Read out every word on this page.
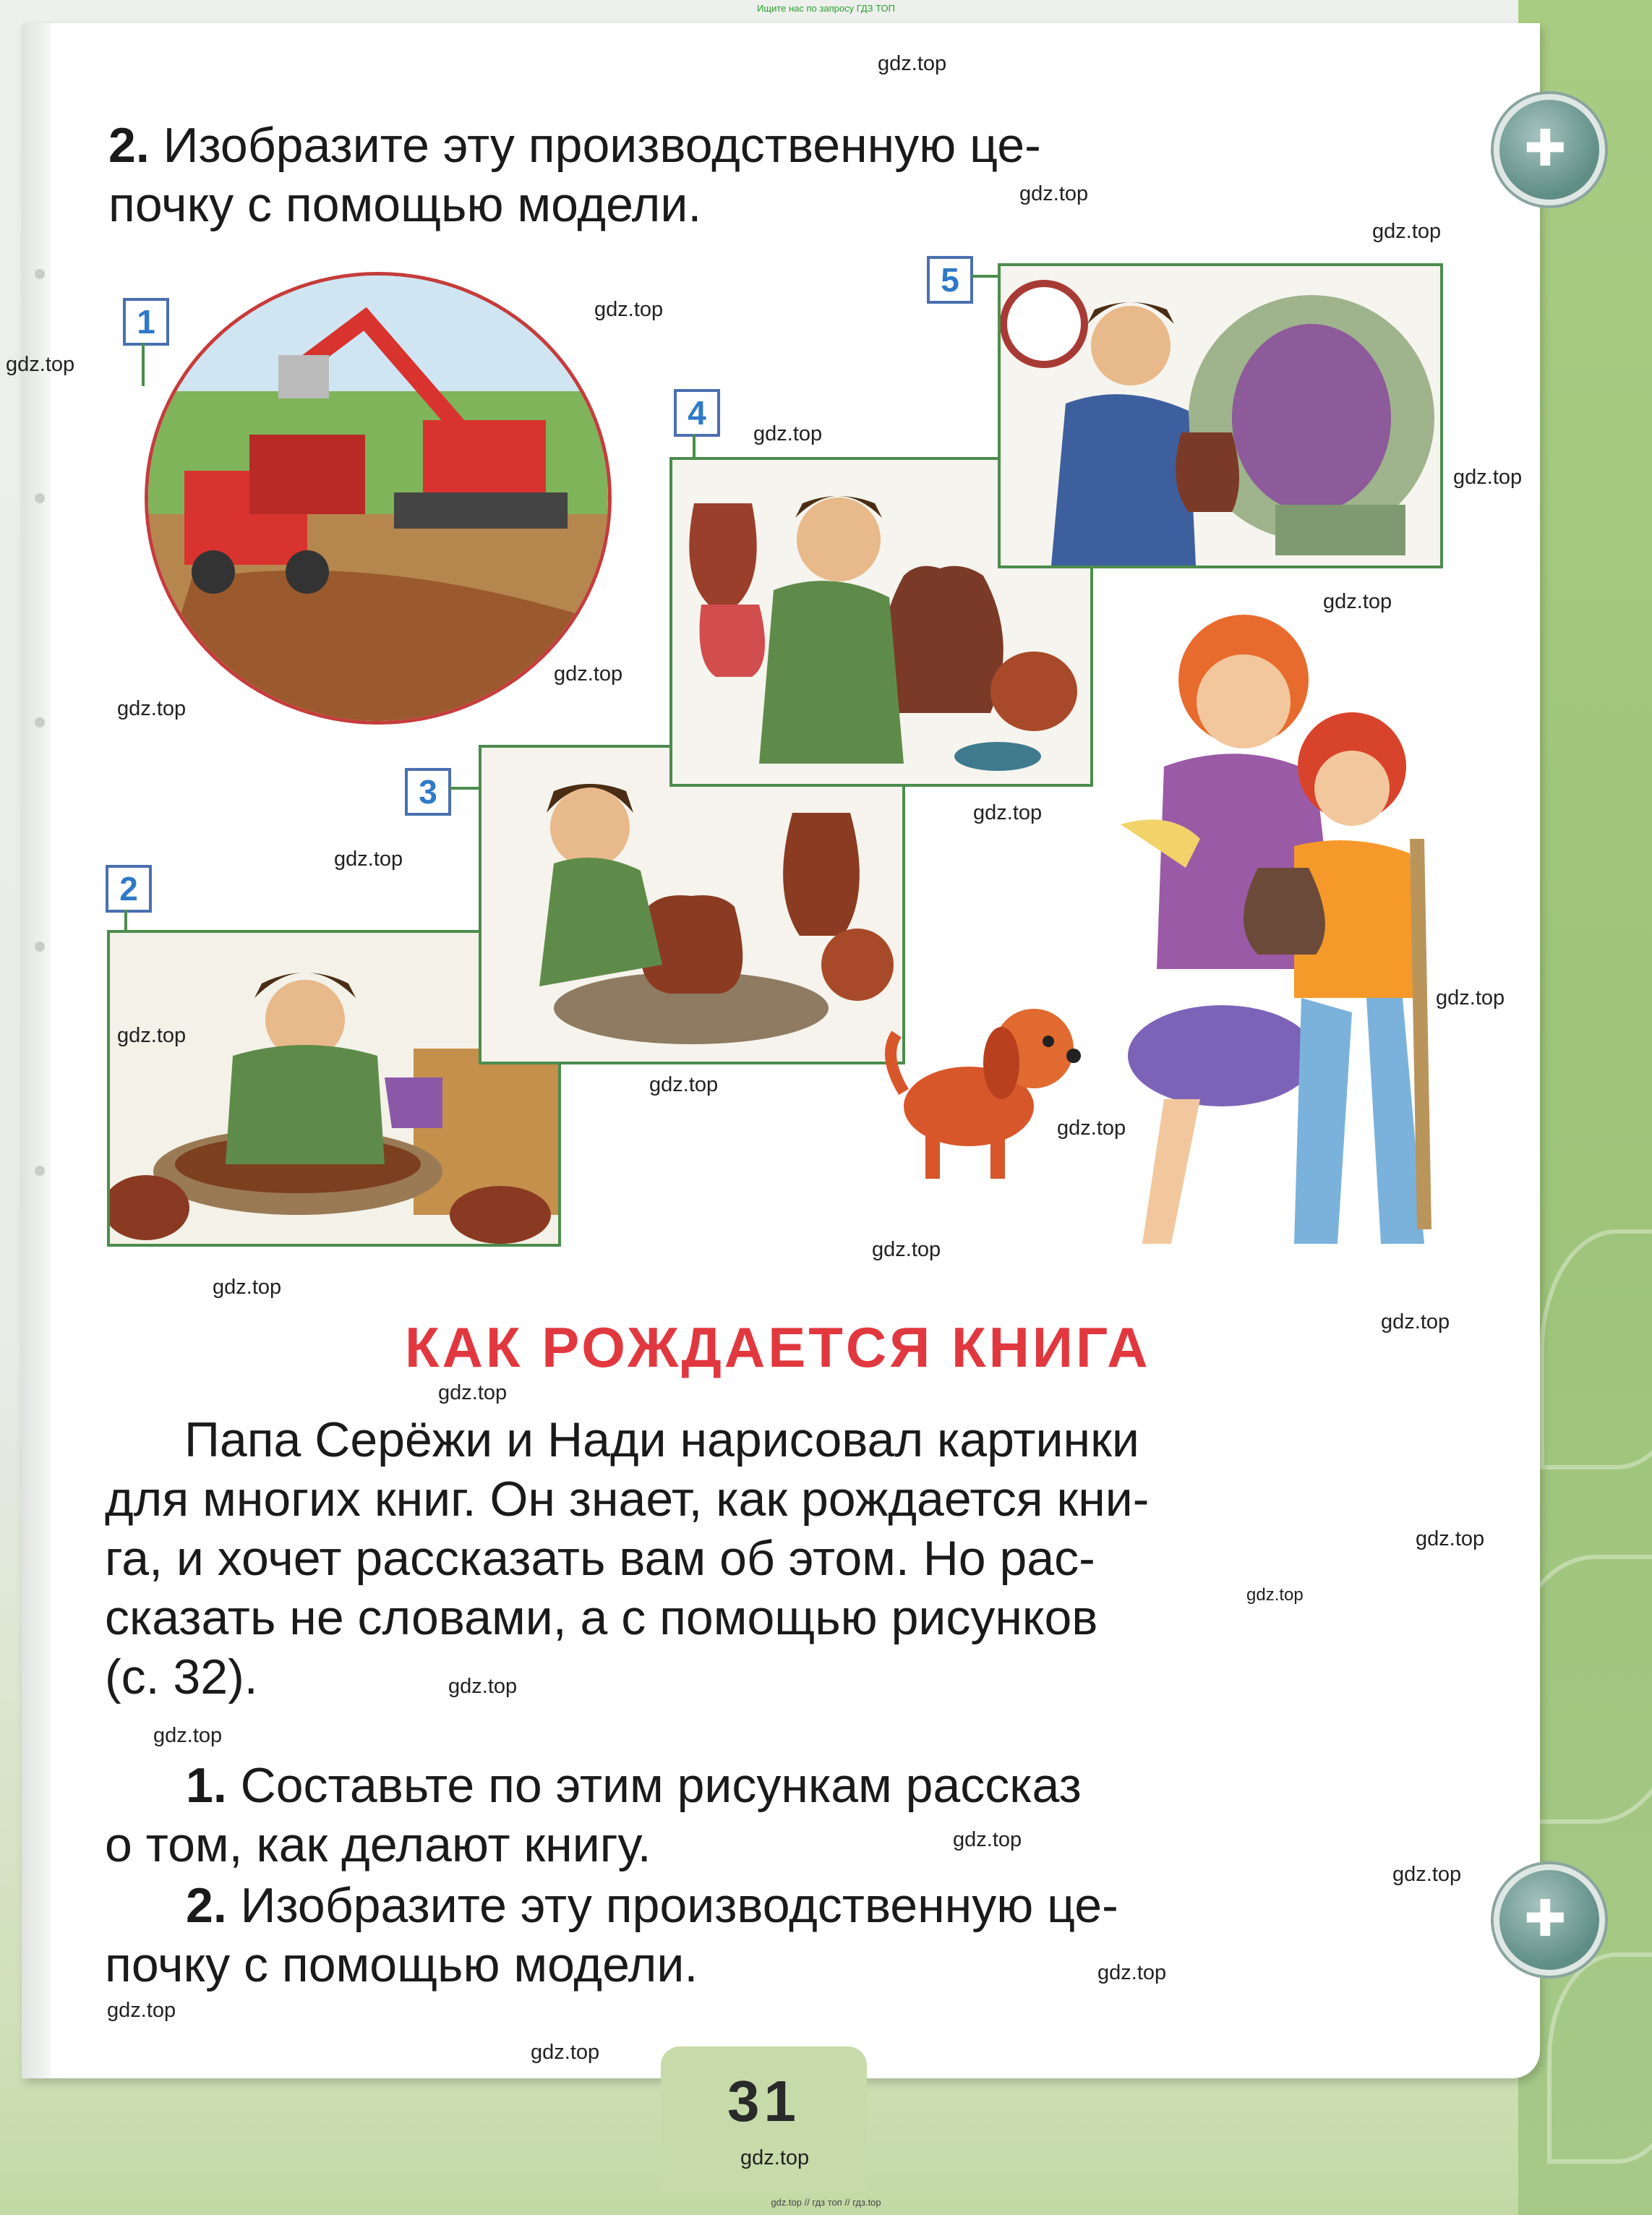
Ищите нас по запросу ГДЗ ТОП
2. Изобразите эту производственную це-
почку с помощью модели.
✚
✚
1
2
3
4
5
КАК РОЖДАЕТСЯ КНИГА
Папа Серёжи и Нади нарисовал картинки
для многих книг. Он знает, как рождается кни-
га, и хочет рассказать вам об этом. Но рас-
сказать не словами, а с помощью рисунков
(с. 32).
1. Составьте по этим рисункам рассказ
о том, как делают книгу.
2. Изобразите эту производственную це-
почку с помощью модели.
31
gdz.top
gdz.top
gdz.top
gdz.top
gdz.top
gdz.top
gdz.top
gdz.top
gdz.top
gdz.top
gdz.top
gdz.top
gdz.top
gdz.top
gdz.top
gdz.top
gdz.top
gdz.top
gdz.top
gdz.top
gdz.top
gdz.top
gdz.top
gdz.top
gdz.top
gdz.top
gdz.top
gdz.top
gdz.top
gdz.top
gdz.top // гдз топ // гдз.top
